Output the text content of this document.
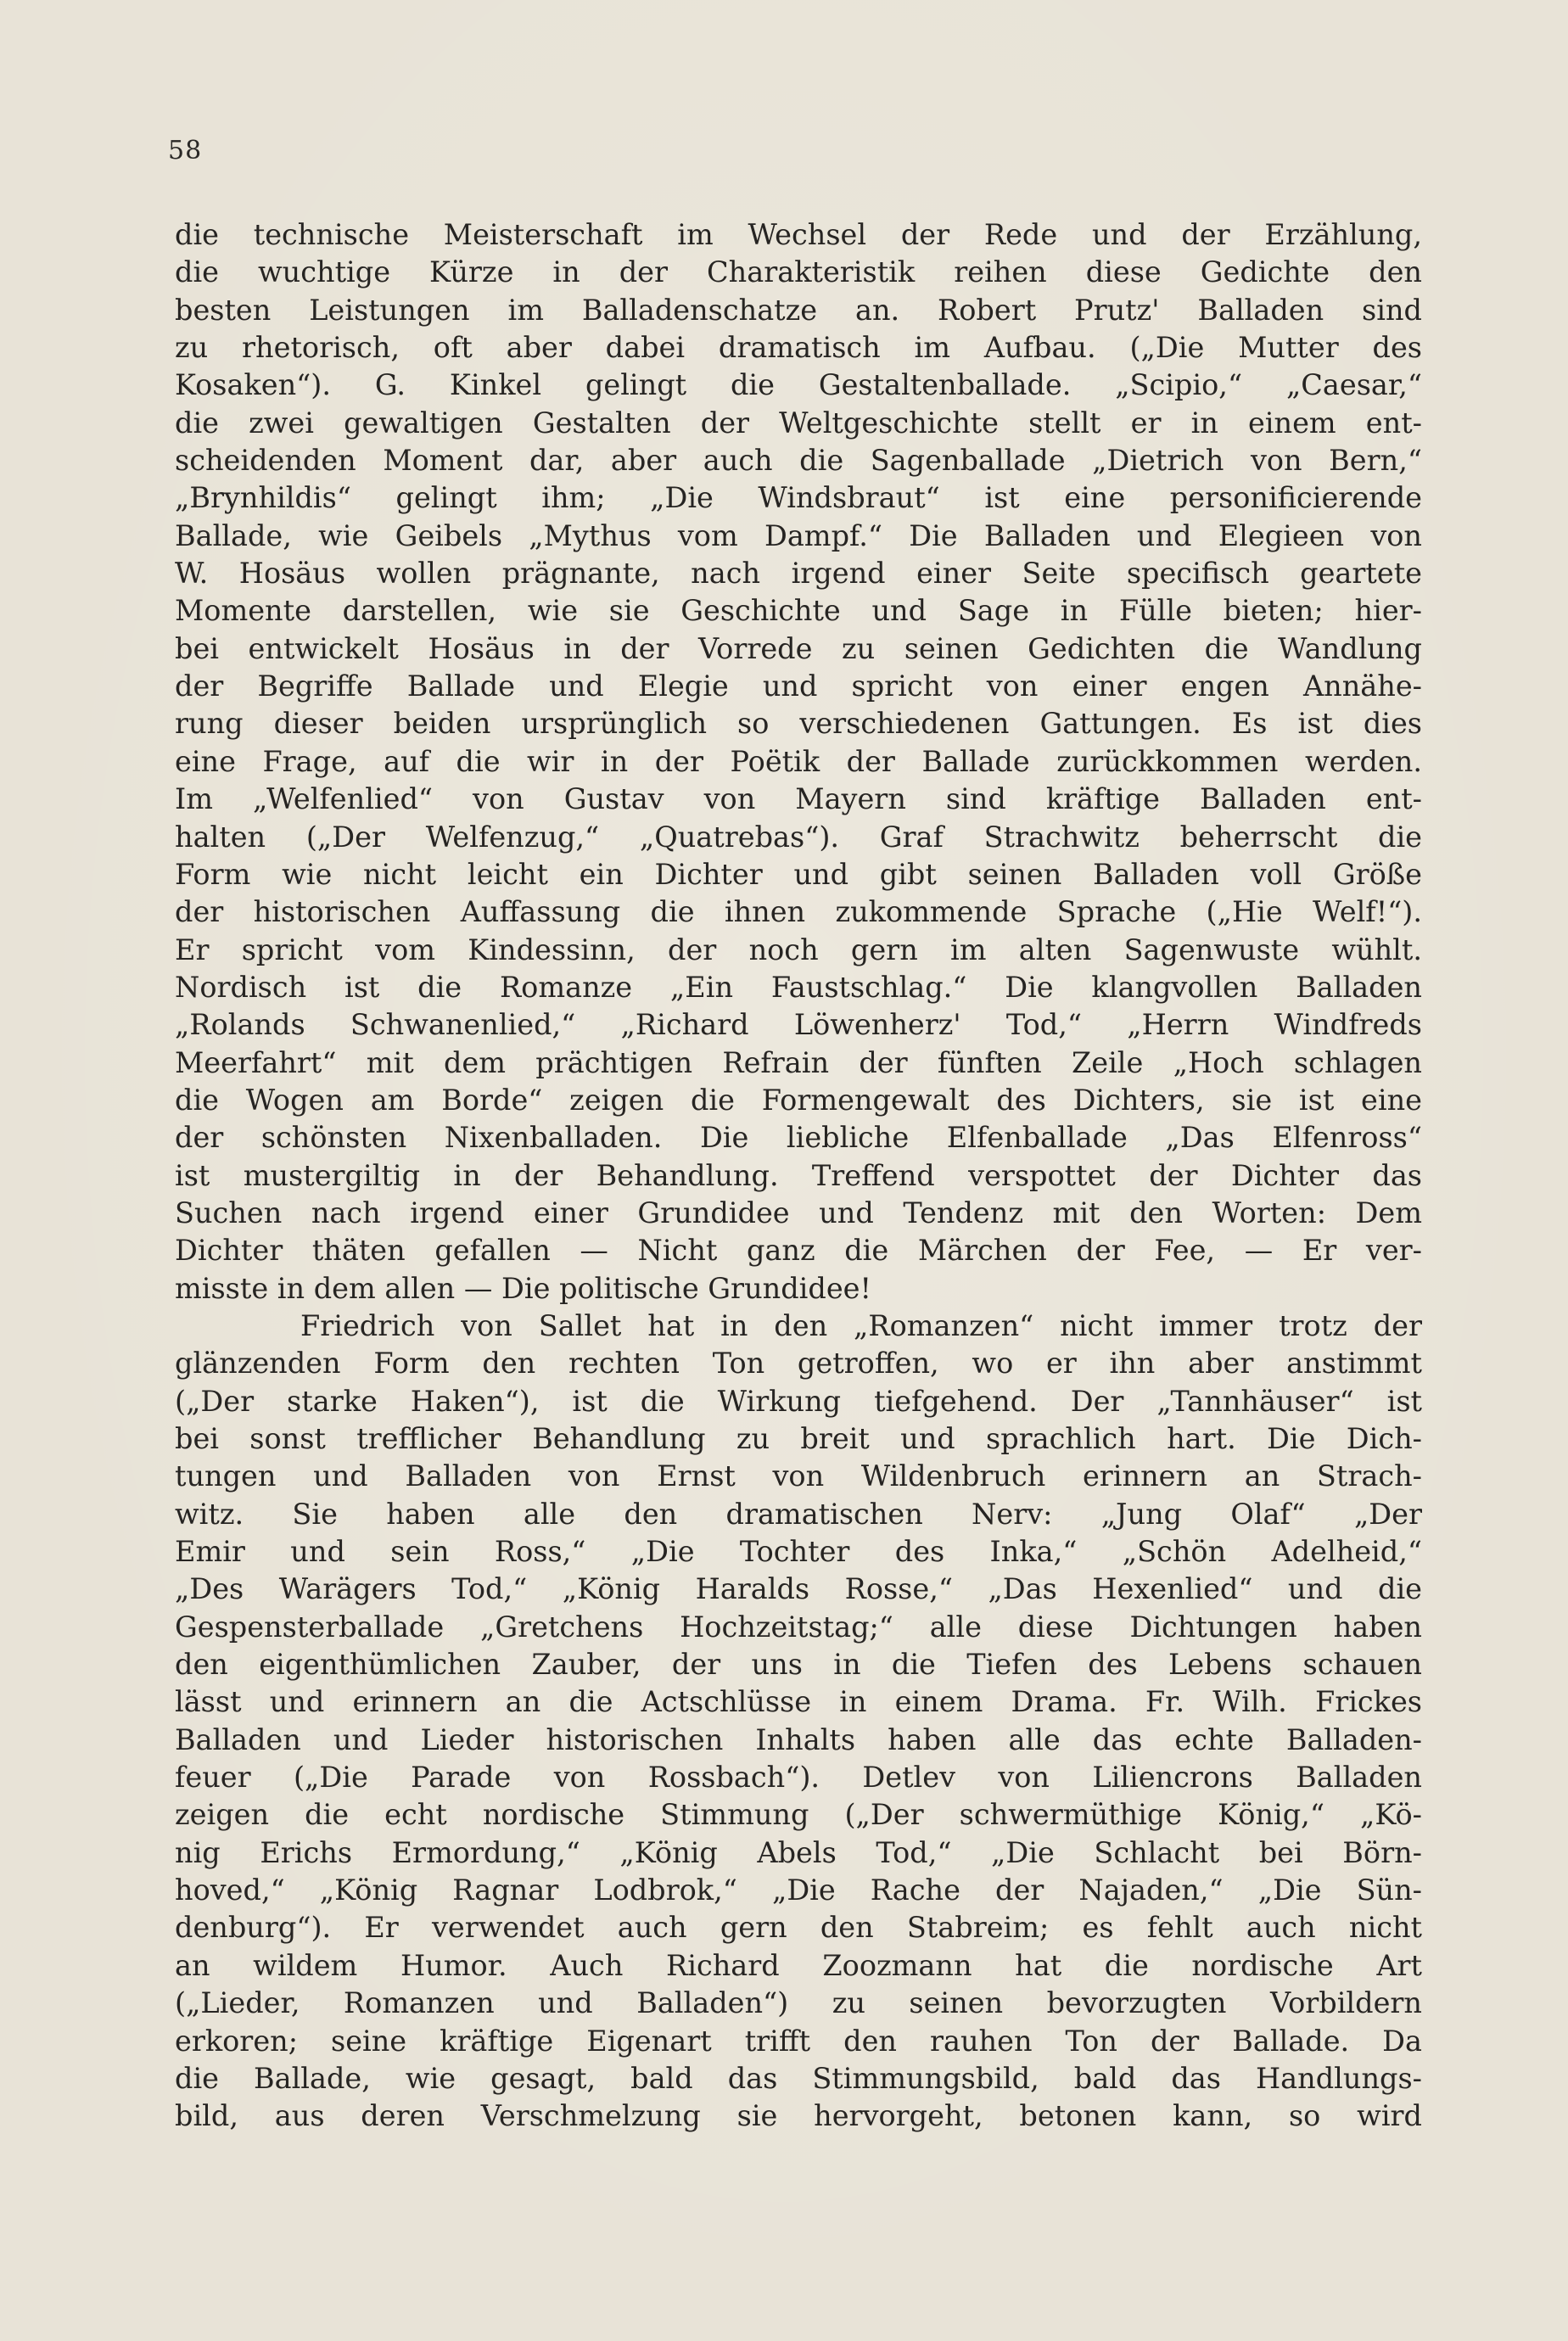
58
die technische Meisterschaft im Wechsel der Rede und der Erzählung,
die wuchtige Kürze in der Charakteristik reihen diese Gedichte den
besten Leistungen im Balladenschatze an. Robert Prutz' Balladen sind
zu rhetorisch, oft aber dabei dramatisch im Aufbau. („Die Mutter des
Kosaken“). G. Kinkel gelingt die Gestaltenballade. „Scipio,“ „Caesar,“
die zwei gewaltigen Gestalten der Weltgeschichte stellt er in einem ent-
scheidenden Moment dar, aber auch die Sagenballade „Dietrich von Bern,“
„Brynhildis“ gelingt ihm; „Die Windsbraut“ ist eine personificierende
Ballade, wie Geibels „Mythus vom Dampf.“ Die Balladen und Elegieen von
W. Hosäus wollen prägnante, nach irgend einer Seite specifisch geartete
Momente darstellen, wie sie Geschichte und Sage in Fülle bieten; hier-
bei entwickelt Hosäus in der Vorrede zu seinen Gedichten die Wandlung
der Begriffe Ballade und Elegie und spricht von einer engen Annähe-
rung dieser beiden ursprünglich so verschiedenen Gattungen. Es ist dies
eine Frage, auf die wir in der Poëtik der Ballade zurückkommen werden.
Im „Welfenlied“ von Gustav von Mayern sind kräftige Balladen ent-
halten („Der Welfenzug,“ „Quatrebas“). Graf Strachwitz beherrscht die
Form wie nicht leicht ein Dichter und gibt seinen Balladen voll Größe
der historischen Auffassung die ihnen zukommende Sprache („Hie Welf!“).
Er spricht vom Kindessinn, der noch gern im alten Sagenwuste wühlt.
Nordisch ist die Romanze „Ein Faustschlag.“ Die klangvollen Balladen
„Rolands Schwanenlied,“ „Richard Löwenherz' Tod,“ „Herrn Windfreds
Meerfahrt“ mit dem prächtigen Refrain der fünften Zeile „Hoch schlagen
die Wogen am Borde“ zeigen die Formengewalt des Dichters, sie ist eine
der schönsten Nixenballaden. Die liebliche Elfenballade „Das Elfenross“
ist mustergiltig in der Behandlung. Treffend verspottet der Dichter das
Suchen nach irgend einer Grundidee und Tendenz mit den Worten: Dem
Dichter thäten gefallen — Nicht ganz die Märchen der Fee, — Er ver-
misste in dem allen — Die politische Grundidee!
Friedrich von Sallet hat in den „Romanzen“ nicht immer trotz der
glänzenden Form den rechten Ton getroffen, wo er ihn aber anstimmt
(„Der starke Haken“), ist die Wirkung tiefgehend. Der „Tannhäuser“ ist
bei sonst trefflicher Behandlung zu breit und sprachlich hart. Die Dich-
tungen und Balladen von Ernst von Wildenbruch erinnern an Strach-
witz. Sie haben alle den dramatischen Nerv: „Jung Olaf“ „Der
Emir und sein Ross,“ „Die Tochter des Inka,“ „Schön Adelheid,“
„Des Warägers Tod,“ „König Haralds Rosse,“ „Das Hexenlied“ und die
Gespensterballade „Gretchens Hochzeitstag;“ alle diese Dichtungen haben
den eigenthümlichen Zauber, der uns in die Tiefen des Lebens schauen
lässt und erinnern an die Actschlüsse in einem Drama. Fr. Wilh. Frickes
Balladen und Lieder historischen Inhalts haben alle das echte Balladen-
feuer („Die Parade von Rossbach“). Detlev von Liliencrons Balladen
zeigen die echt nordische Stimmung („Der schwermüthige König,“ „Kö-
nig Erichs Ermordung,“ „König Abels Tod,“ „Die Schlacht bei Börn-
hoved,“ „König Ragnar Lodbrok,“ „Die Rache der Najaden,“ „Die Sün-
denburg“). Er verwendet auch gern den Stabreim; es fehlt auch nicht
an wildem Humor. Auch Richard Zoozmann hat die nordische Art
(„Lieder, Romanzen und Balladen“) zu seinen bevorzugten Vorbildern
erkoren; seine kräftige Eigenart trifft den rauhen Ton der Ballade. Da
die Ballade, wie gesagt, bald das Stimmungsbild, bald das Handlungs-
bild, aus deren Verschmelzung sie hervorgeht, betonen kann, so wird
